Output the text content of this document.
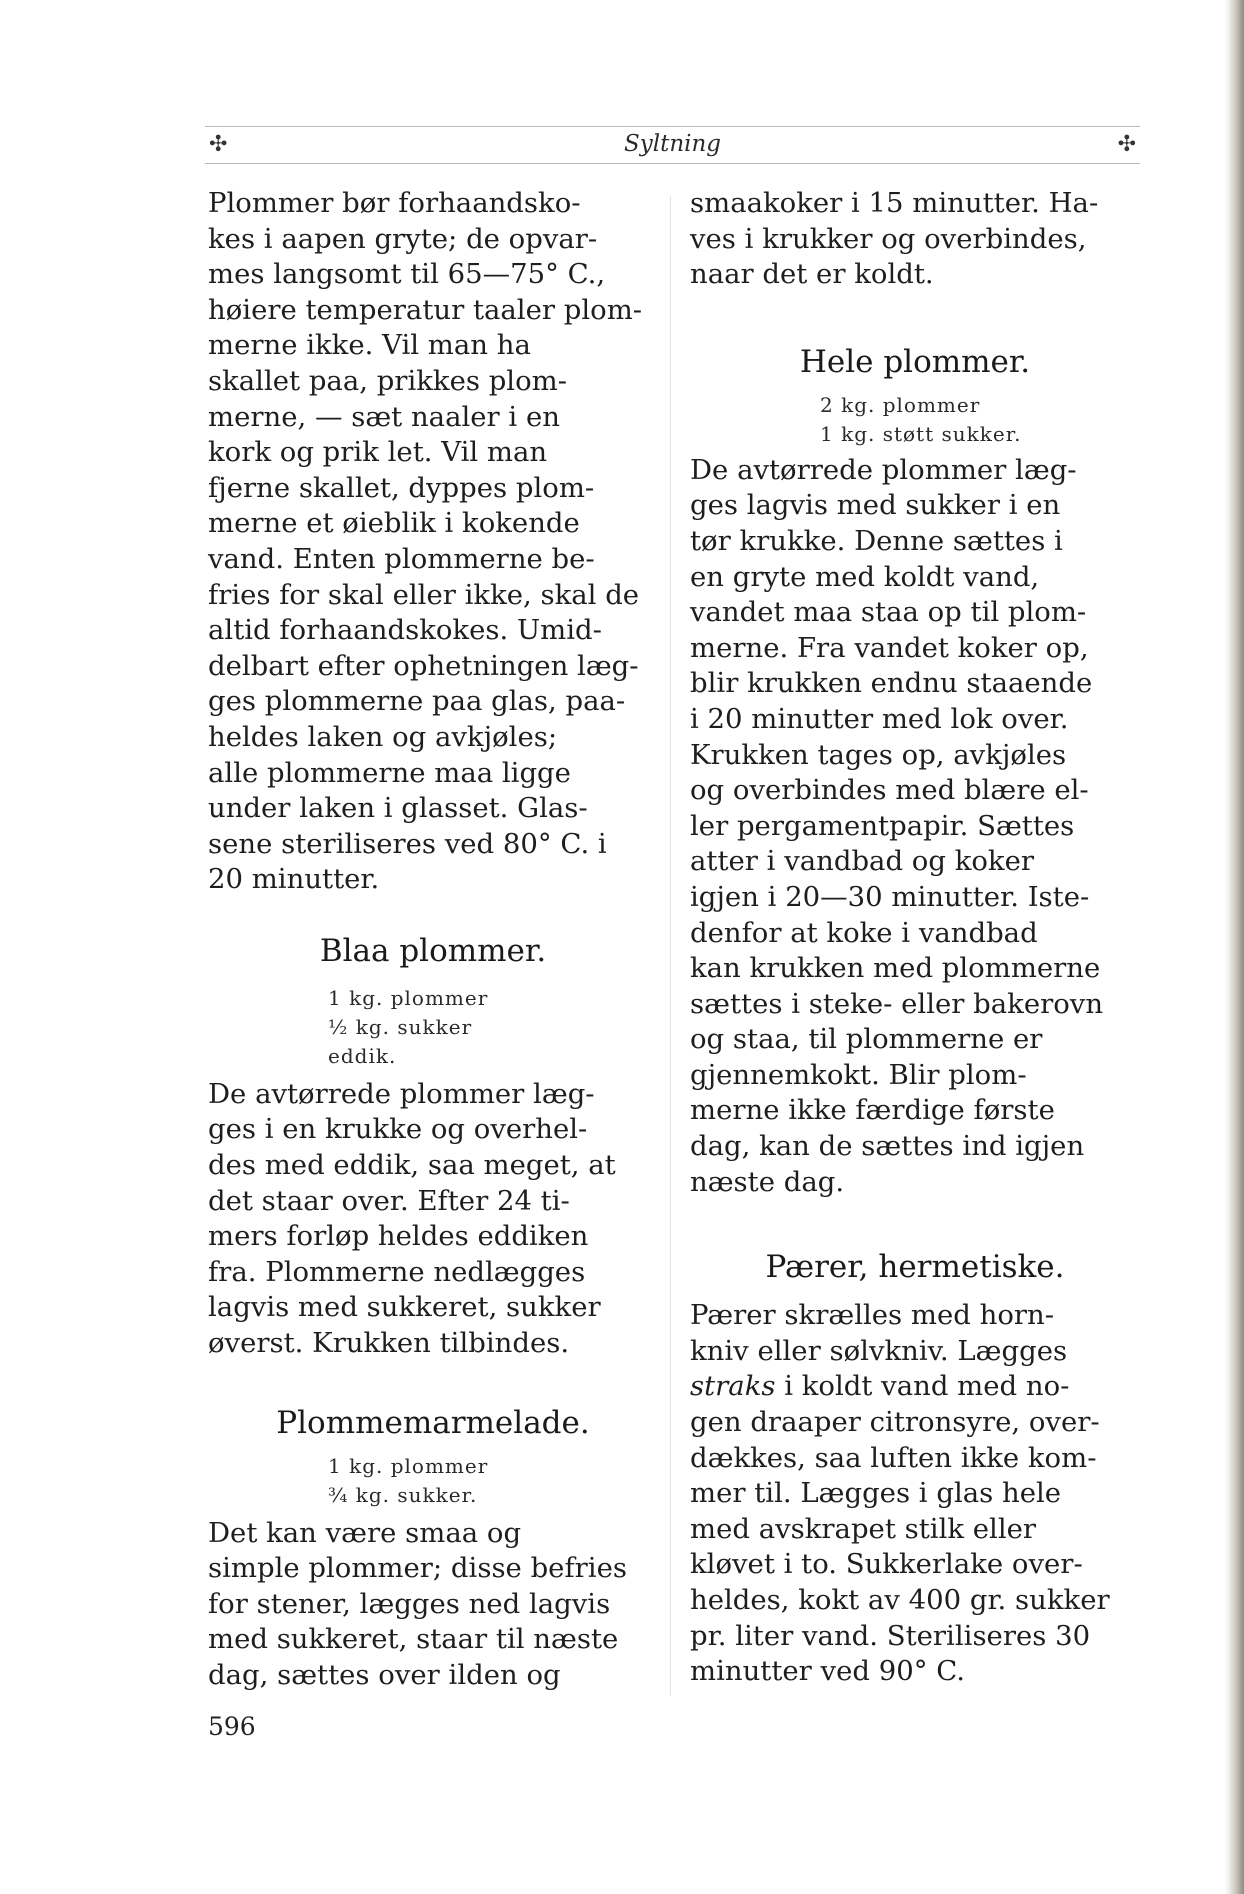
✣	Syltning	✣

Plommer bør forhaandsko-
kes i aapen gryte; de opvar-
mes langsomt til 65—75° C.,
høiere temperatur taaler plom-
merne ikke. Vil man ha
skallet paa, prikkes plom-
merne, — sæt naaler i en
kork og prik let. Vil man
fjerne skallet, dyppes plom-
merne et øieblik i kokende
vand. Enten plommerne be-
fries for skal eller ikke, skal de
altid forhaandskokes. Umid-
delbart efter ophetningen læg-
ges plommerne paa glas, paa-
heldes laken og avkjøles;
alle plommerne maa ligge
under laken i glasset. Glas-
sene steriliseres ved 80° C. i
20 minutter.

Blaa plommer.
1 kg. plommer
½ kg. sukker
eddik.

De avtørrede plommer læg-
ges i en krukke og overhel-
des med eddik, saa meget, at
det staar over. Efter 24 ti-
mers forløp heldes eddiken
fra. Plommerne nedlægges
lagvis med sukkeret, sukker
øverst. Krukken tilbindes.

Plommemarmelade.
1 kg. plommer
¾ kg. sukker.

Det kan være smaa og
simple plommer; disse befries
for stener, lægges ned lagvis
med sukkeret, staar til næste
dag, sættes over ilden og

smaakoker i 15 minutter. Ha-
ves i krukker og overbindes,
naar det er koldt.

Hele plommer.
2 kg. plommer
1 kg. støtt sukker.

De avtørrede plommer læg-
ges lagvis med sukker i en
tør krukke. Denne sættes i
en gryte med koldt vand,
vandet maa staa op til plom-
merne. Fra vandet koker op,
blir krukken endnu staaende
i 20 minutter med lok over.
Krukken tages op, avkjøles
og overbindes med blære el-
ler pergamentpapir. Sættes
atter i vandbad og koker
igjen i 20—30 minutter. Iste-
denfor at koke i vandbad
kan krukken med plommerne
sættes i steke- eller bakerovn
og staa, til plommerne er
gjennemkokt. Blir plom-
merne ikke færdige første
dag, kan de sættes ind igjen
næste dag.

Pærer, hermetiske.

Pærer skrælles med horn-
kniv eller sølvkniv. Lægges
straks i koldt vand med no-
gen draaper citronsyre, over-
dækkes, saa luften ikke kom-
mer til. Lægges i glas hele
med avskrapet stilk eller
kløvet i to. Sukkerlake over-
heldes, kokt av 400 gr. sukker
pr. liter vand. Steriliseres 30
minutter ved 90° C.

596
